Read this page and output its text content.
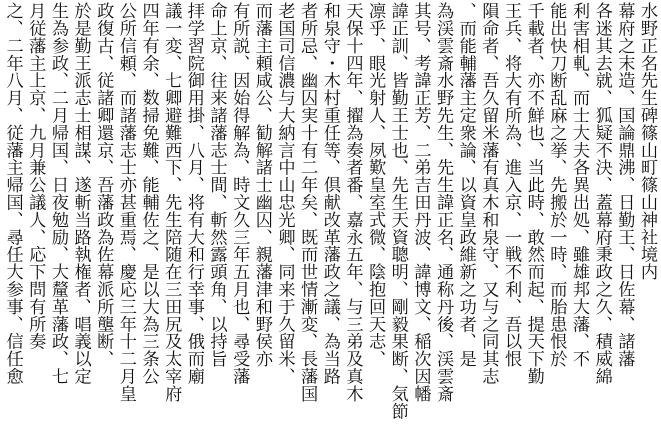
水野正名先生碑篠山町篠山神社境内
幕府之末造、国論鼎沸、日勤王、日佐幕、諸藩
各迷其去就、狐疑不決、蓋幕府秉政之久、積威綿
利害相軋、而士大夫各異出処、雖雄邦大藩、不
能出快刀断乱麻之挙、先搬於一時、而胎患恨於
千載者、亦不鮮也、当此時、敢然而起、提天下勤
王兵、将大有所為、進入京、一戦不利、吾以恨
隕命者、吾久留米藩有真木和泉守、又与之同其志
、而能輔藩主定衆論、以資皇政維新之功者、是
為渓雲斎水野先生、先生諱正名、通称丹後、渓雲斎
其号、考諱正芳、二弟吉田丹波、諱博文、稲次因幡
諱正訓、皆勤王士也、先生天資聰明、剛毅果断、気節
凛乎、眼光射人、夙歎皇室式微、陰抱回天志、
天保十四年、擢為奏者番、嘉永五年、与三弟及真木
和泉守・木村重任等、倶献改革藩政之議、為当路
者所忌、幽囚実十有二年矣、既而世情漸変、長藩国
老国司信濃与大納言中山忠光卿、同来于久留米、
而藩主頼咸公、勧解諸士幽囚、親藩津和野侯亦
有所説、因始得解為、時文久三年五月也、尋受藩
命上京、往来諸藩志士間、斬然露頭角、以持旨
拝学習院御用掛、八月、将有大和行幸事、俄而廟
議一変、七卿避難西下、先生陪随在三田尻及太宰府
四年有余、数掃免難、能輔佐之、是以大為三条公
公所信頼、而諸藩志士亦甚重焉、慶応三年十二月皇
政復古、従諸卿還京、吾藩政為佐幕派所壟断、
於是勤王派志士相謀、遂斬当路執権者、唱義以定
生為参政、二月帰国、日夜勉励、大釐革藩政、七
月従藩主上京、九月兼公議人、応下問有所奏
之、二年八月、従藩主帰国、尋任大参事、信任愈
